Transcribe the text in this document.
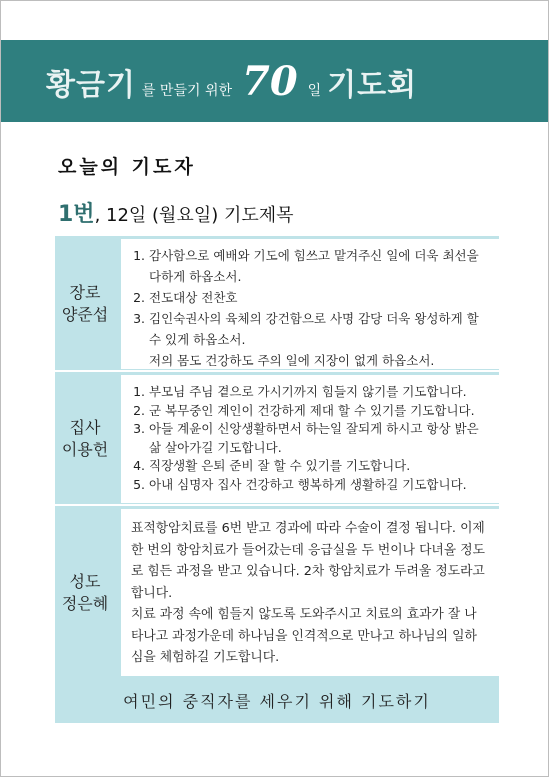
황금기 를 만들기 위한 70 일 기도회
오늘의 기도자
1번, 12일 (월요일) 기도제목
장로
양준섭
1. 감사함으로 예배와 기도에 힘쓰고 맡겨주신 일에 더욱 최선을 다하게 하옵소서.
2. 전도대상 전찬호
3. 김인숙권사의 육체의 강건함으로 사명 감당 더욱 왕성하게 할 수 있게 하옵소서.
저의 몸도 건강하도 주의 일에 지장이 없게 하옵소서.
집사
이용헌
1. 부모님 주님 곁으로 가시기까지 힘들지 않기를 기도합니다.
2. 군 복무중인 계인이 건강하게 제대 할 수 있기를 기도합니다.
3. 아들 계윤이 신앙생활하면서 하는일 잘되게 하시고 항상 밝은 삶 살아가길 기도합니다.
4. 직장생활 은퇴 준비 잘 할 수 있기를 기도합니다.
5. 아내 심명자 집사 건강하고 행복하게 생활하길 기도합니다.
성도
정은혜

표적항암치료를 6번 받고 경과에 따라 수술이 결정 됩니다. 이제 한 번의 항암치료가 들어갔는데 응급실을 두 번이나 다녀올 정도로 힘든 과정을 받고 있습니다. 2차 항암치료가 두려울 정도라고 합니다.

치료 과정 속에 힘들지 않도록 도와주시고 치료의 효과가 잘 나타나고 과정가운데 하나님을 인격적으로 만나고 하나님의 일하심을 체험하길 기도합니다.

여민의 중직자를 세우기 위해 기도하기
